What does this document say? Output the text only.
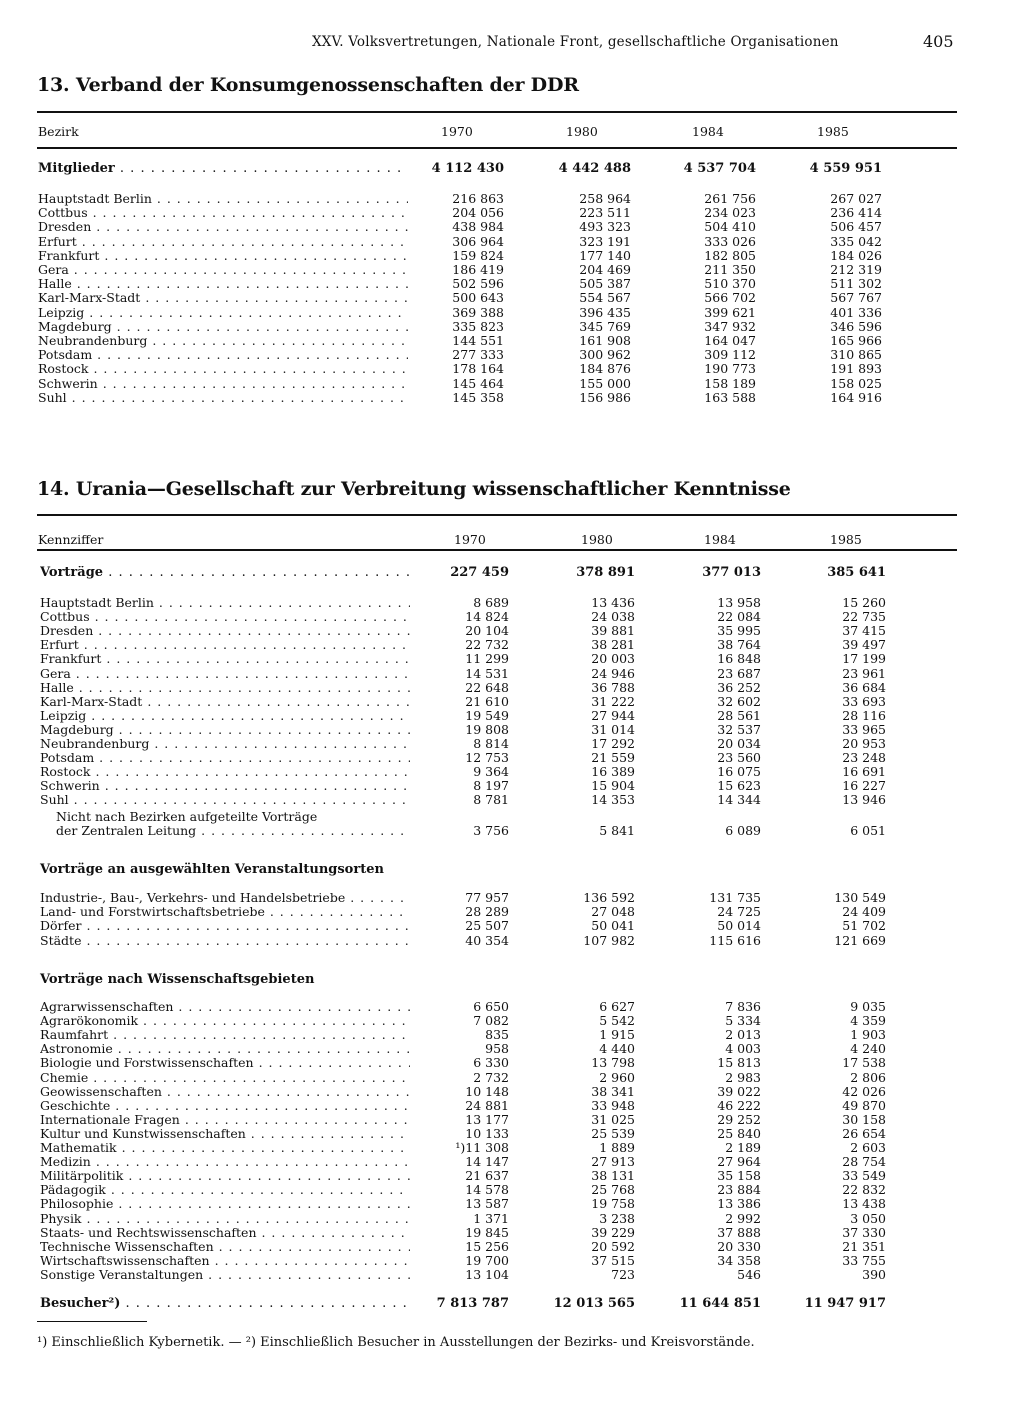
XXV. Volksvertretungen, Nationale Front, gesellschaftliche Organisationen	405
13. Verband der Konsumgenossenschaften der DDR
Bezirk	1970	1980	1984	1985
Mitglieder . . .	4 112 430	4 442 488	4 537 704	4 559 951
Hauptstadt Berlin . . .	216 863	258 964	261 756	267 027
Cottbus . . .	204 056	223 511	234 023	236 414
Dresden . . .	438 984	493 323	504 410	506 457
Erfurt . . .	306 964	323 191	333 026	335 042
Frankfurt . . .	159 824	177 140	182 805	184 026
Gera . . .	186 419	204 469	211 350	212 319
Halle . . .	502 596	505 387	510 370	511 302
Karl-Marx-Stadt . . .	500 643	554 567	566 702	567 767
Leipzig . . .	369 388	396 435	399 621	401 336
Magdeburg . . .	335 823	345 769	347 932	346 596
Neubrandenburg . . .	144 551	161 908	164 047	165 966
Potsdam . . .	277 333	300 962	309 112	310 865
Rostock . . .	178 164	184 876	190 773	191 893
Schwerin . . .	145 464	155 000	158 189	158 025
Suhl . . .	145 358	156 986	163 588	164 916
14. Urania—Gesellschaft zur Verbreitung wissenschaftlicher Kenntnisse
Kennziffer	1970	1980	1984	1985
Vorträge . . .	227 459	378 891	377 013	385 641
Hauptstadt Berlin . . .	8 689	13 436	13 958	15 260
Cottbus . . .	14 824	24 038	22 084	22 735
Dresden . . .	20 104	39 881	35 995	37 415
Erfurt . . .	22 732	38 281	38 764	39 497
Frankfurt . . .	11 299	20 003	16 848	17 199
Gera . . .	14 531	24 946	23 687	23 961
Halle . . .	22 648	36 788	36 252	36 684
Karl-Marx-Stadt . . .	21 610	31 222	32 602	33 693
Leipzig . . .	19 549	27 944	28 561	28 116
Magdeburg . . .	19 808	31 014	32 537	33 965
Neubrandenburg . . .	8 814	17 292	20 034	20 953
Potsdam . . .	12 753	21 559	23 560	23 248
Rostock . . .	9 364	16 389	16 075	16 691
Schwerin . . .	8 197	15 904	15 623	16 227
Suhl . . .	8 781	14 353	14 344	13 946
Nicht nach Bezirken aufgeteilte Vorträge
der Zentralen Leitung . . .	3 756	5 841	6 089	6 051
Vorträge an ausgewählten Veranstaltungsorten
Industrie-, Bau-, Verkehrs- und Handelsbetriebe . . .	77 957	136 592	131 735	130 549
Land- und Forstwirtschaftsbetriebe . . .	28 289	27 048	24 725	24 409
Dörfer . . .	25 507	50 041	50 014	51 702
Städte . . .	40 354	107 982	115 616	121 669
Vorträge nach Wissenschaftsgebieten
Agrarwissenschaften . . .	6 650	6 627	7 836	9 035
Agrarökonomik . . .	7 082	5 542	5 334	4 359
Raumfahrt . . .	835	1 915	2 013	1 903
Astronomie . . .	958	4 440	4 003	4 240
Biologie und Forstwissenschaften . . .	6 330	13 798	15 813	17 538
Chemie . . .	2 732	2 960	2 983	2 806
Geowissenschaften . . .	10 148	38 341	39 022	42 026
Geschichte . . .	24 881	33 948	46 222	49 870
Internationale Fragen . . .	13 177	31 025	29 252	30 158
Kultur und Kunstwissenschaften . . .	10 133	25 539	25 840	26 654
Mathematik . . .	¹)11 308	1 889	2 189	2 603
Medizin . . .	14 147	27 913	27 964	28 754
Militärpolitik . . .	21 637	38 131	35 158	33 549
Pädagogik . . .	14 578	25 768	23 884	22 832
Philosophie . . .	13 587	19 758	13 386	13 438
Physik . . .	1 371	3 238	2 992	3 050
Staats- und Rechtswissenschaften . . .	19 845	39 229	37 888	37 330
Technische Wissenschaften . . .	15 256	20 592	20 330	21 351
Wirtschaftswissenschaften . . .	19 700	37 515	34 358	33 755
Sonstige Veranstaltungen . . .	13 104	723	546	390
Besucher²) . . .	7 813 787	12 013 565	11 644 851	11 947 917
¹) Einschließlich Kybernetik. — ²) Einschließlich Besucher in Ausstellungen der Bezirks- und Kreisvorstände.
